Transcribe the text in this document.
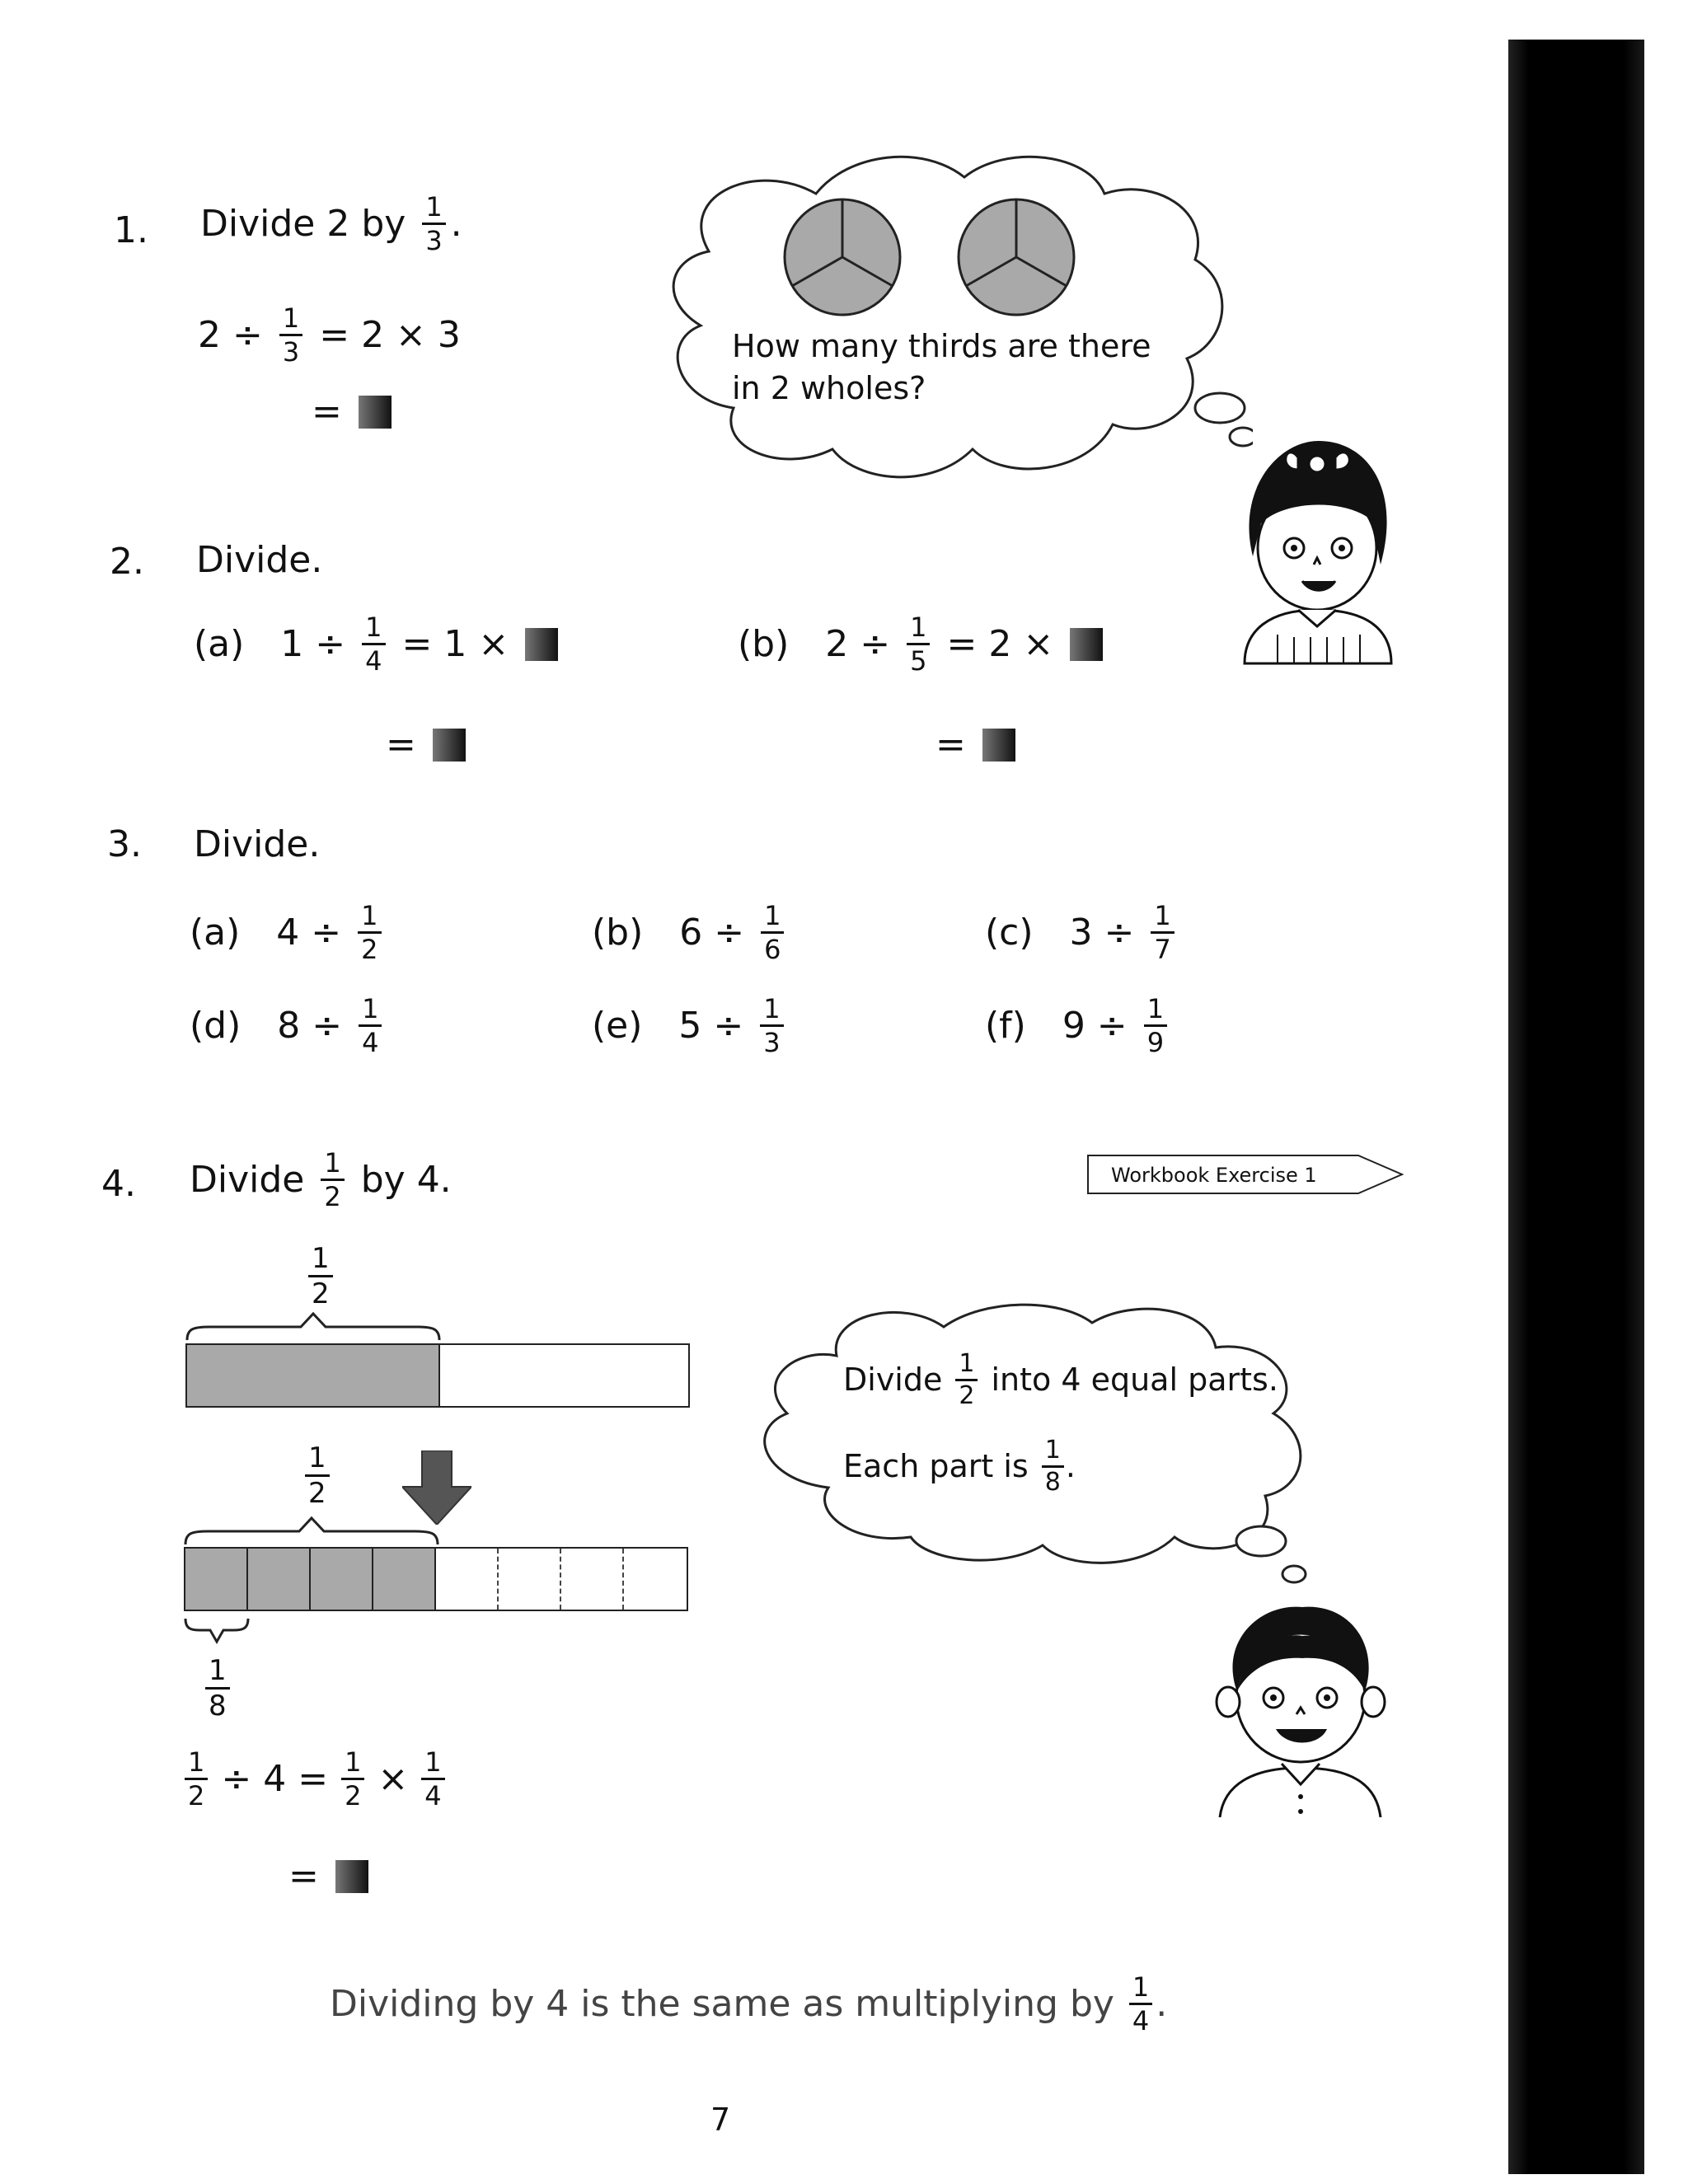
1. Divide 2 by $\frac{1}{3}$ .
$2 \div \frac{1}{3} = 2 \times 3$
=
How many thirds are there
in 2 wholes?
2. Divide.
(a) $1 \div \frac{1}{4} = 1$ ×
=
(b) $2 \div \frac{1}{5} = 2$ ×
=
3. Divide.
(a) $4 \div \frac{1}{2}$	(b) $6 \div \frac{1}{6}$	(c) $3 \div \frac{1}{7}$
(d) $8 \div \frac{1}{4}$	(e) $5 \div \frac{1}{3}$	(f) $9 \div \frac{1}{9}$
4. Divide $\frac{1}{2}$ by 4.	Workbook Exercise 1
$\frac{1}{2}$
$\frac{1}{2}$
$\frac{1}{8}$
$\frac{1}{2} \div 4 = \frac{1}{2} \times \frac{1}{4}$
=
Divide $\frac{1}{2}$ into 4 equal parts.
Each part is $\frac{1}{8}$ .
Dividing by 4 is the same as multiplying by $\frac{1}{4}$ .
7
